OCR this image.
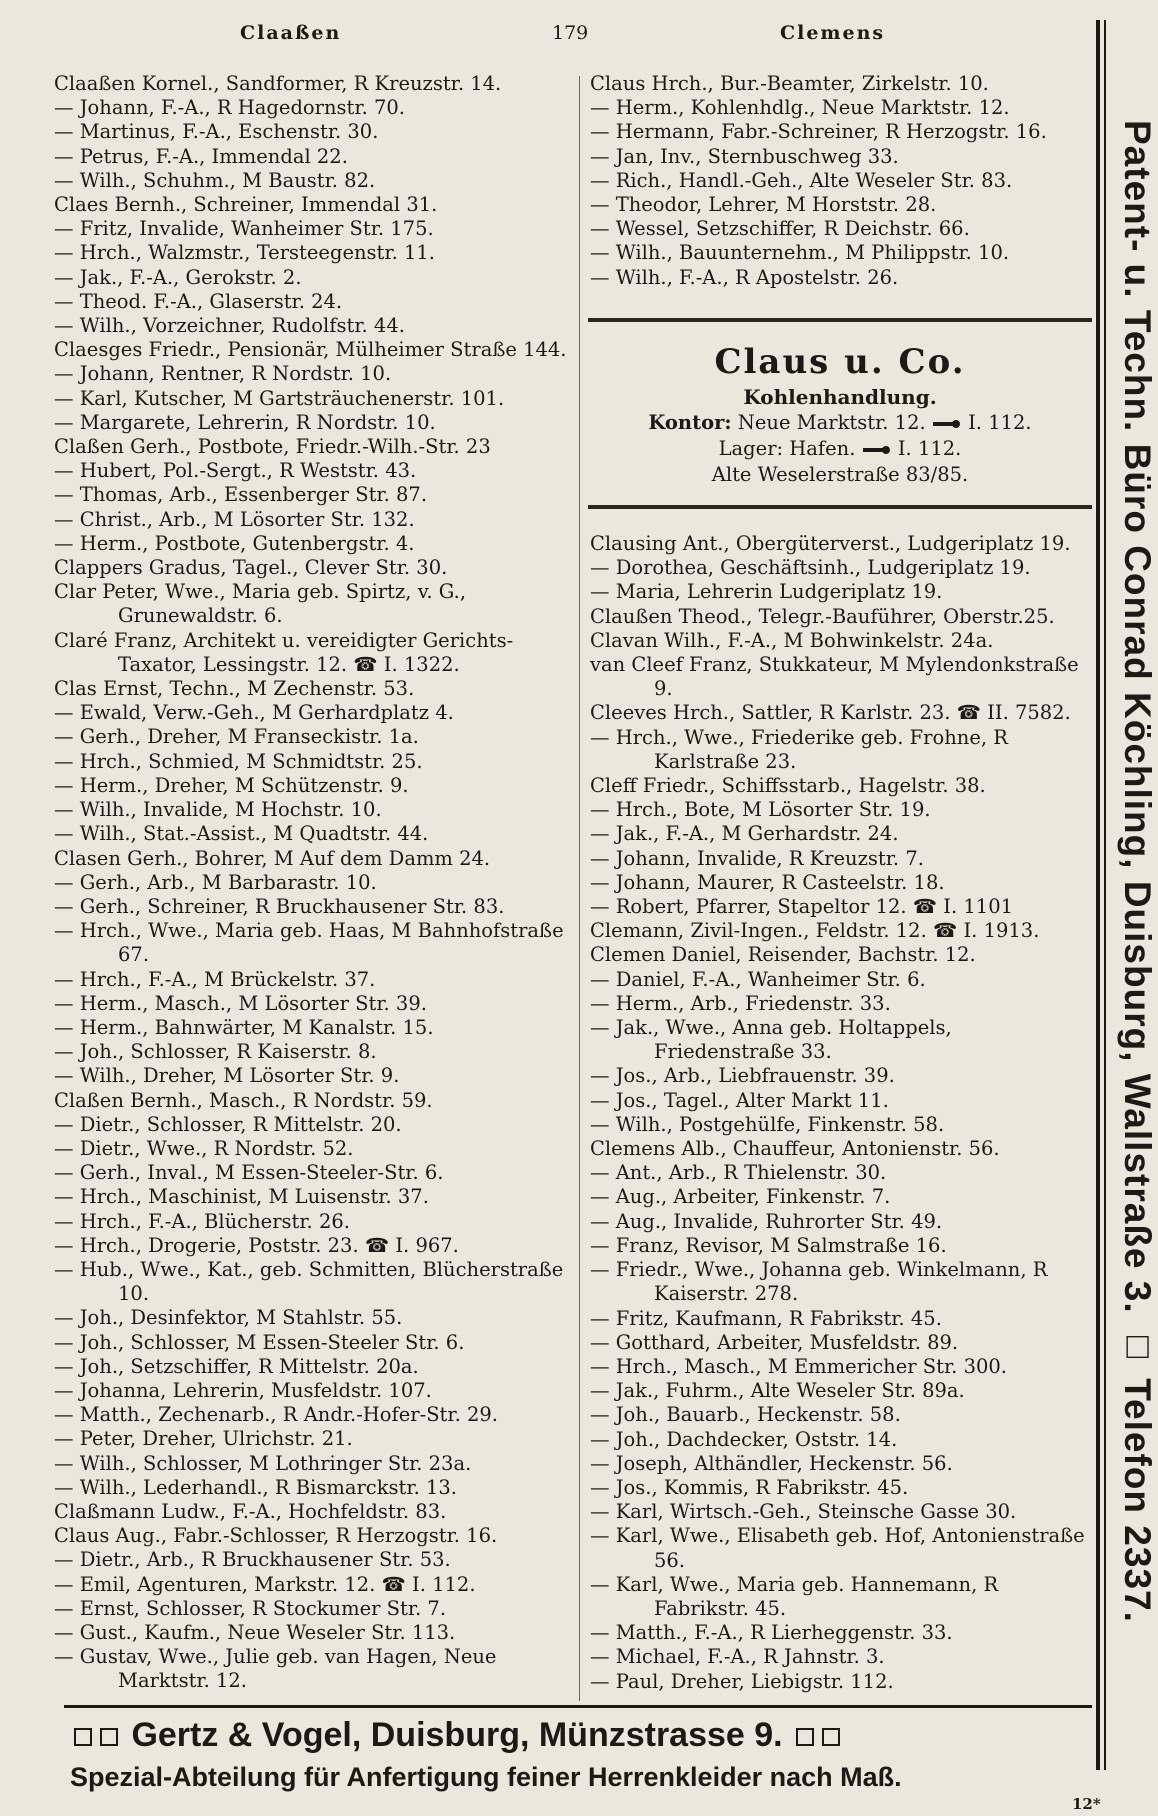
Claaßen	179	Clemens
Claaßen Kornel., Sandformer, R Kreuzstr. 14.
— Johann, F.-A., R Hagedornstr. 70.
— Martinus, F.-A., Eschenstr. 30.
— Petrus, F.-A., Immendal 22.
— Wilh., Schuhm., M Baustr. 82.
Claes Bernh., Schreiner, Immendal 31.
— Fritz, Invalide, Wanheimer Str. 175.
— Hrch., Walzmstr., Tersteegenstr. 11.
— Jak., F.-A., Gerokstr. 2.
— Theod. F.-A., Glaserstr. 24.
— Wilh., Vorzeichner, Rudolfstr. 44.
Claesges Friedr., Pensionär, Mülheimer Straße 144.
— Johann, Rentner, R Nordstr. 10.
— Karl, Kutscher, M Gartsträuchenerstr. 101.
— Margarete, Lehrerin, R Nordstr. 10.
Claßen Gerh., Postbote, Friedr.-Wilh.-Str. 23
— Hubert, Pol.-Sergt., R Weststr. 43.
— Thomas, Arb., Essenberger Str. 87.
— Christ., Arb., M Lösorter Str. 132.
— Herm., Postbote, Gutenbergstr. 4.
Clappers Gradus, Tagel., Clever Str. 30.
Clar Peter, Wwe., Maria geb. Spirtz, v. G., Grunewaldstr. 6.
Claré Franz, Architekt u. vereidigter Gerichts-Taxator, Lessingstr. 12. ☎ I. 1322.
Clas Ernst, Techn., M Zechenstr. 53.
— Ewald, Verw.-Geh., M Gerhardplatz 4.
— Gerh., Dreher, M Franseckistr. 1a.
— Hrch., Schmied, M Schmidtstr. 25.
— Herm., Dreher, M Schützenstr. 9.
— Wilh., Invalide, M Hochstr. 10.
— Wilh., Stat.-Assist., M Quadtstr. 44.
Clasen Gerh., Bohrer, M Auf dem Damm 24.
— Gerh., Arb., M Barbarastr. 10.
— Gerh., Schreiner, R Bruckhausener Str. 83.
— Hrch., Wwe., Maria geb. Haas, M Bahnhofstraße 67.
— Hrch., F.-A., M Brückelstr. 37.
— Herm., Masch., M Lösorter Str. 39.
— Herm., Bahnwärter, M Kanalstr. 15.
— Joh., Schlosser, R Kaiserstr. 8.
— Wilh., Dreher, M Lösorter Str. 9.
Claßen Bernh., Masch., R Nordstr. 59.
— Dietr., Schlosser, R Mittelstr. 20.
— Dietr., Wwe., R Nordstr. 52.
— Gerh., Inval., M Essen-Steeler-Str. 6.
— Hrch., Maschinist, M Luisenstr. 37.
— Hrch., F.-A., Blücherstr. 26.
— Hrch., Drogerie, Poststr. 23. ☎ I. 967.
— Hub., Wwe., Kat., geb. Schmitten, Blücherstraße 10.
— Joh., Desinfektor, M Stahlstr. 55.
— Joh., Schlosser, M Essen-Steeler Str. 6.
— Joh., Setzschiffer, R Mittelstr. 20a.
— Johanna, Lehrerin, Musfeldstr. 107.
— Matth., Zechenarb., R Andr.-Hofer-Str. 29.
— Peter, Dreher, Ulrichstr. 21.
— Wilh., Schlosser, M Lothringer Str. 23a.
— Wilh., Lederhandl., R Bismarckstr. 13.
Claßmann Ludw., F.-A., Hochfeldstr. 83.
Claus Aug., Fabr.-Schlosser, R Herzogstr. 16.
— Dietr., Arb., R Bruckhausener Str. 53.
— Emil, Agenturen, Markstr. 12. ☎ I. 112.
— Ernst, Schlosser, R Stockumer Str. 7.
— Gust., Kaufm., Neue Weseler Str. 113.
— Gustav, Wwe., Julie geb. van Hagen, Neue Marktstr. 12.
Claus Hrch., Bur.-Beamter, Zirkelstr. 10.
— Herm., Kohlenhdlg., Neue Marktstr. 12.
— Hermann, Fabr.-Schreiner, R Herzogstr. 16.
— Jan, Inv., Sternbuschweg 33.
— Rich., Handl.-Geh., Alte Weseler Str. 83.
— Theodor, Lehrer, M Horststr. 28.
— Wessel, Setzschiffer, R Deichstr. 66.
— Wilh., Bauunternehm., M Philippstr. 10.
— Wilh., F.-A., R Apostelstr. 26.
Claus u. Co.
Kohlenhandlung.
Kontor: Neue Marktstr. 12. I. 112.
Lager: Hafen. I. 112.
Alte Weselerstraße 83/85.
Clausing Ant., Obergüterverst., Ludgeriplatz 19.
— Dorothea, Geschäftsinh., Ludgeriplatz 19.
— Maria, Lehrerin Ludgeriplatz 19.
Claußen Theod., Telegr.-Bauführer, Oberstr.25.
Clavan Wilh., F.-A., M Bohwinkelstr. 24a.
van Cleef Franz, Stukkateur, M Mylendonkstraße 9.
Cleeves Hrch., Sattler, R Karlstr. 23. ☎ II. 7582.
— Hrch., Wwe., Friederike geb. Frohne, R Karlstraße 23.
Cleff Friedr., Schiffsstarb., Hagelstr. 38.
— Hrch., Bote, M Lösorter Str. 19.
— Jak., F.-A., M Gerhardstr. 24.
— Johann, Invalide, R Kreuzstr. 7.
— Johann, Maurer, R Casteelstr. 18.
— Robert, Pfarrer, Stapeltor 12. ☎ I. 1101
Clemann, Zivil-Ingen., Feldstr. 12. ☎ I. 1913.
Clemen Daniel, Reisender, Bachstr. 12.
— Daniel, F.-A., Wanheimer Str. 6.
— Herm., Arb., Friedenstr. 33.
— Jak., Wwe., Anna geb. Holtappels, Friedenstraße 33.
— Jos., Arb., Liebfrauenstr. 39.
— Jos., Tagel., Alter Markt 11.
— Wilh., Postgehülfe, Finkenstr. 58.
Clemens Alb., Chauffeur, Antonienstr. 56.
— Ant., Arb., R Thielenstr. 30.
— Aug., Arbeiter, Finkenstr. 7.
— Aug., Invalide, Ruhrorter Str. 49.
— Franz, Revisor, M Salmstraße 16.
— Friedr., Wwe., Johanna geb. Winkelmann, R Kaiserstr. 278.
— Fritz, Kaufmann, R Fabrikstr. 45.
— Gotthard, Arbeiter, Musfeldstr. 89.
— Hrch., Masch., M Emmericher Str. 300.
— Jak., Fuhrm., Alte Weseler Str. 89a.
— Joh., Bauarb., Heckenstr. 58.
— Joh., Dachdecker, Oststr. 14.
— Joseph, Althändler, Heckenstr. 56.
— Jos., Kommis, R Fabrikstr. 45.
— Karl, Wirtsch.-Geh., Steinsche Gasse 30.
— Karl, Wwe., Elisabeth geb. Hof, Antonienstraße 56.
— Karl, Wwe., Maria geb. Hannemann, R Fabrikstr. 45.
— Matth., F.-A., R Lierheggenstr. 33.
— Michael, F.-A., R Jahnstr. 3.
— Paul, Dreher, Liebigstr. 112.
Patent- u. Techn. Büro Conrad Köchling, Duisburg, Wallstraße 3. □ Telefon 2337.
Gertz & Vogel, Duisburg, Münzstrasse 9.
Spezial-Abteilung für Anfertigung feiner Herrenkleider nach Maß.
12*
